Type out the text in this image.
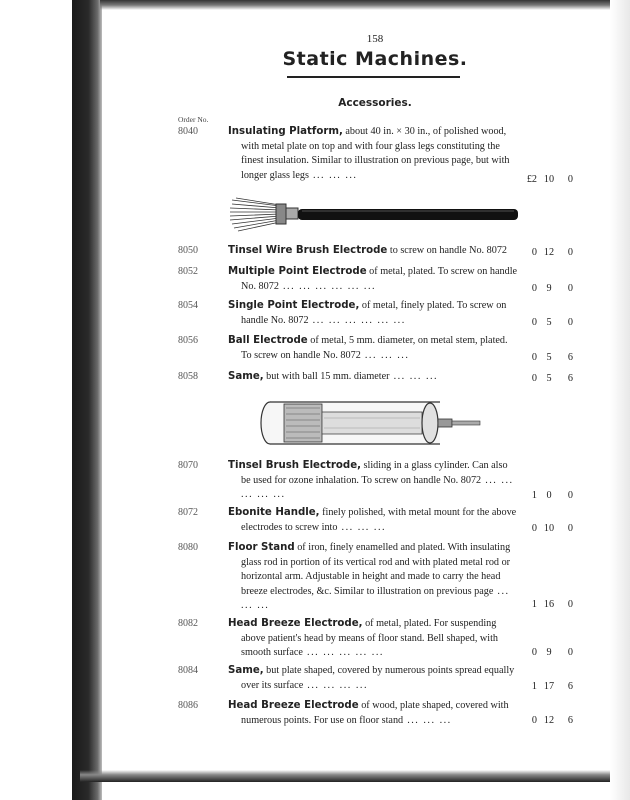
158
Static Machines.
Accessories.
Order No.
8040	Insulating Platform, about 40 in. × 30 in., of polished wood, with metal plate on top and with four glass legs constituting the finest insulation. Similar to illustration on previous page, but with longer glass legs ... ... ...	£2 10	0
8050	Tinsel Wire Brush Electrode to screw on handle No. 8072	0 12	0
8052	Multiple Point Electrode of metal, plated. To screw on handle No. 8072 ... ... ... ... ... ...	0 9	0
8054	Single Point Electrode, of metal, finely plated. To screw on handle No. 8072 ... ... ... ... ... ...	0 5	0
8056	Ball Electrode of metal, 5 mm. diameter, on metal stem, plated. To screw on handle No. 8072 ... ... ...	0 5	6
8058	Same, but with ball 15 mm. diameter ... ... ...	0 5	6
8070	Tinsel Brush Electrode, sliding in a glass cylinder. Can also be used for ozone inhalation. To screw on handle No. 8072 ... ... ... ... ...	1 0	0
8072	Ebonite Handle, finely polished, with metal mount for the above electrodes to screw into ... ... ...	0 10	0
8080	Floor Stand of iron, finely enamelled and plated. With insulating glass rod in portion of its vertical rod and with plated metal rod or horizontal arm. Adjustable in height and made to carry the head breeze electrodes, &c. Similar to illustration on previous page ... ... ...	1 16	0
8082	Head Breeze Electrode, of metal, plated. For suspending above patient's head by means of floor stand. Bell shaped, with smooth surface ... ... ... ... ...	0 9	0
8084	Same, but plate shaped, covered by numerous points spread equally over its surface ... ... ... ...	1 17	6
8086	Head Breeze Electrode of wood, plate shaped, covered with numerous points. For use on floor stand ... ... ...	0 12	6
